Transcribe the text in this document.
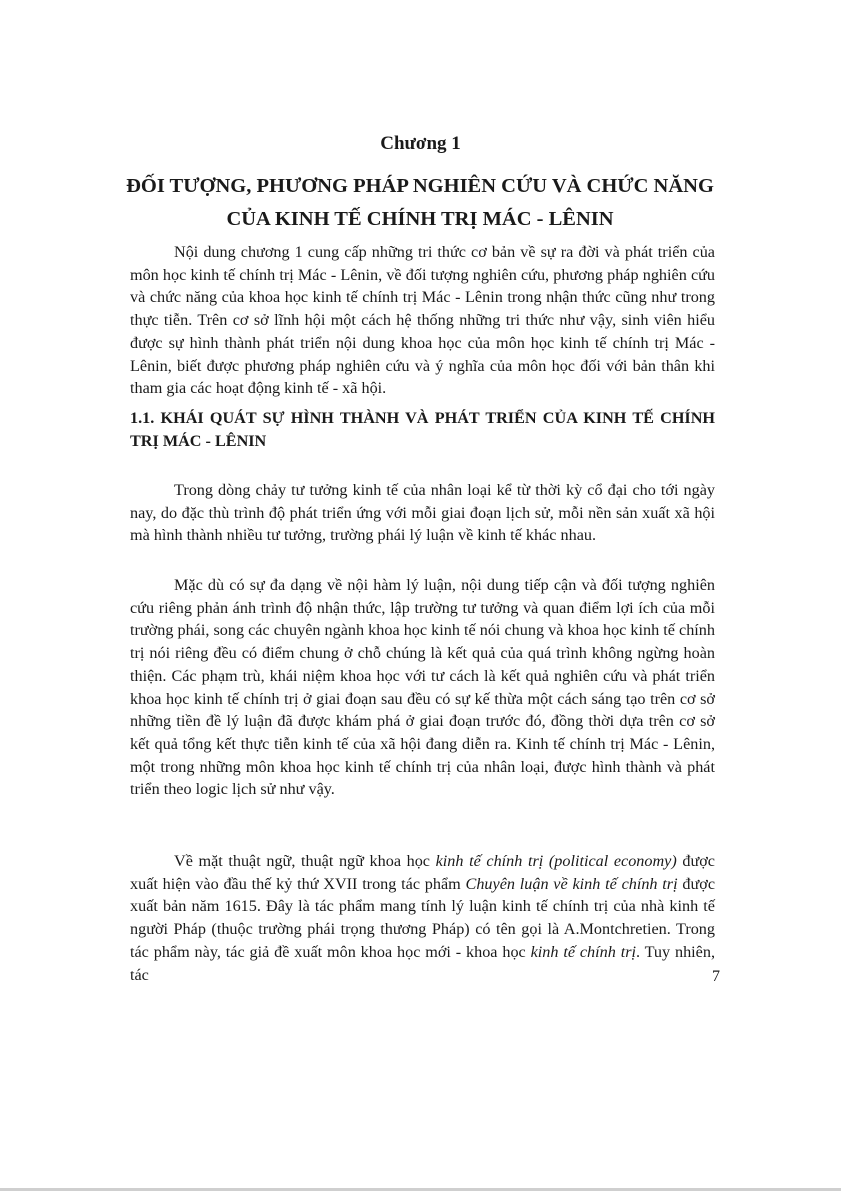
Chương 1
ĐỐI TƯỢNG, PHƯƠNG PHÁP NGHIÊN CỨU VÀ CHỨC NĂNG CỦA KINH TẾ CHÍNH TRỊ MÁC - LÊNIN

Nội dung chương 1 cung cấp những tri thức cơ bản về sự ra đời và phát triển của môn học kinh tế chính trị Mác - Lênin, về đối tượng nghiên cứu, phương pháp nghiên cứu và chức năng của khoa học kinh tế chính trị Mác - Lênin trong nhận thức cũng như trong thực tiễn. Trên cơ sở lĩnh hội một cách hệ thống những tri thức như vậy, sinh viên hiểu được sự hình thành phát triển nội dung khoa học của môn học kinh tế chính trị Mác - Lênin, biết được phương pháp nghiên cứu và ý nghĩa của môn học đối với bản thân khi tham gia các hoạt động kinh tế - xã hội.

1.1. KHÁI QUÁT SỰ HÌNH THÀNH VÀ PHÁT TRIỂN CỦA KINH TẾ CHÍNH TRỊ MÁC - LÊNIN

Trong dòng chảy tư tưởng kinh tế của nhân loại kể từ thời kỳ cổ đại cho tới ngày nay, do đặc thù trình độ phát triển ứng với mỗi giai đoạn lịch sử, mỗi nền sản xuất xã hội mà hình thành nhiều tư tưởng, trường phái lý luận về kinh tế khác nhau.

Mặc dù có sự đa dạng về nội hàm lý luận, nội dung tiếp cận và đối tượng nghiên cứu riêng phản ánh trình độ nhận thức, lập trường tư tưởng và quan điểm lợi ích của mỗi trường phái, song các chuyên ngành khoa học kinh tế nói chung và khoa học kinh tế chính trị nói riêng đều có điểm chung ở chỗ chúng là kết quả của quá trình không ngừng hoàn thiện. Các phạm trù, khái niệm khoa học với tư cách là kết quả nghiên cứu và phát triển khoa học kinh tế chính trị ở giai đoạn sau đều có sự kế thừa một cách sáng tạo trên cơ sở những tiền đề lý luận đã được khám phá ở giai đoạn trước đó, đồng thời dựa trên cơ sở kết quả tổng kết thực tiễn kinh tế của xã hội đang diễn ra. Kinh tế chính trị Mác - Lênin, một trong những môn khoa học kinh tế chính trị của nhân loại, được hình thành và phát triển theo logic lịch sử như vậy.

Về mặt thuật ngữ, thuật ngữ khoa học kinh tế chính trị (political economy) được xuất hiện vào đầu thế kỷ thứ XVII trong tác phẩm Chuyên luận về kinh tế chính trị được xuất bản năm 1615. Đây là tác phẩm mang tính lý luận kinh tế chính trị của nhà kinh tế người Pháp (thuộc trường phái trọng thương Pháp) có tên gọi là A.Montchretien. Trong tác phẩm này, tác giả đề xuất môn khoa học mới - khoa học kinh tế chính trị. Tuy nhiên, tác	7
